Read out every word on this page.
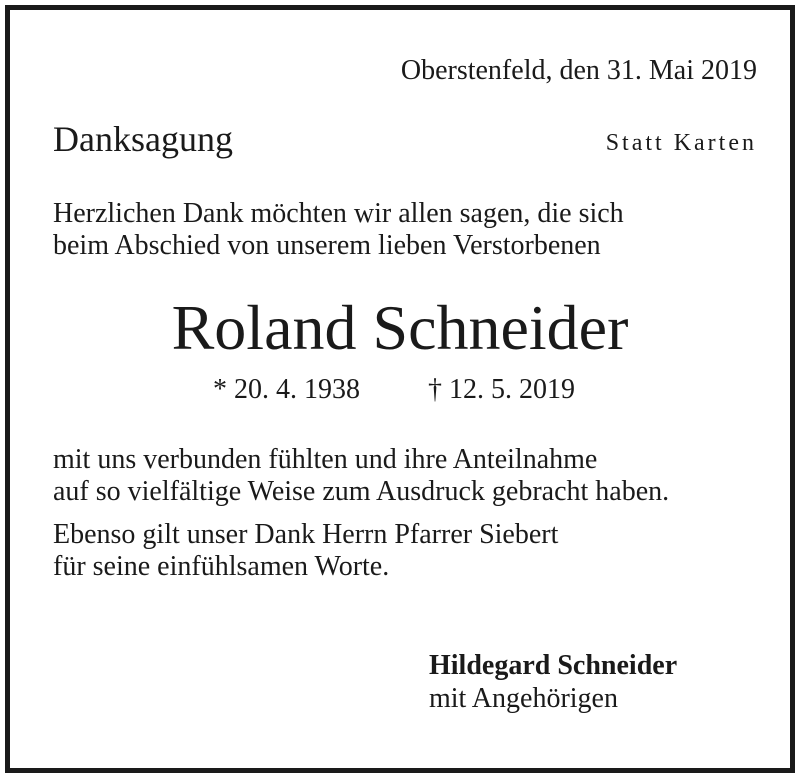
Oberstenfeld, den 31. Mai 2019
Danksagung	Statt Karten
Herzlichen Dank möchten wir allen sagen, die sich
beim Abschied von unserem lieben Verstorbenen
Roland Schneider
* 20. 4. 1938 † 12. 5. 2019
mit uns verbunden fühlten und ihre Anteilnahme
auf so vielfältige Weise zum Ausdruck gebracht haben.
Ebenso gilt unser Dank Herrn Pfarrer Siebert
für seine einfühlsamen Worte.
Hildegard Schneider
mit Angehörigen
